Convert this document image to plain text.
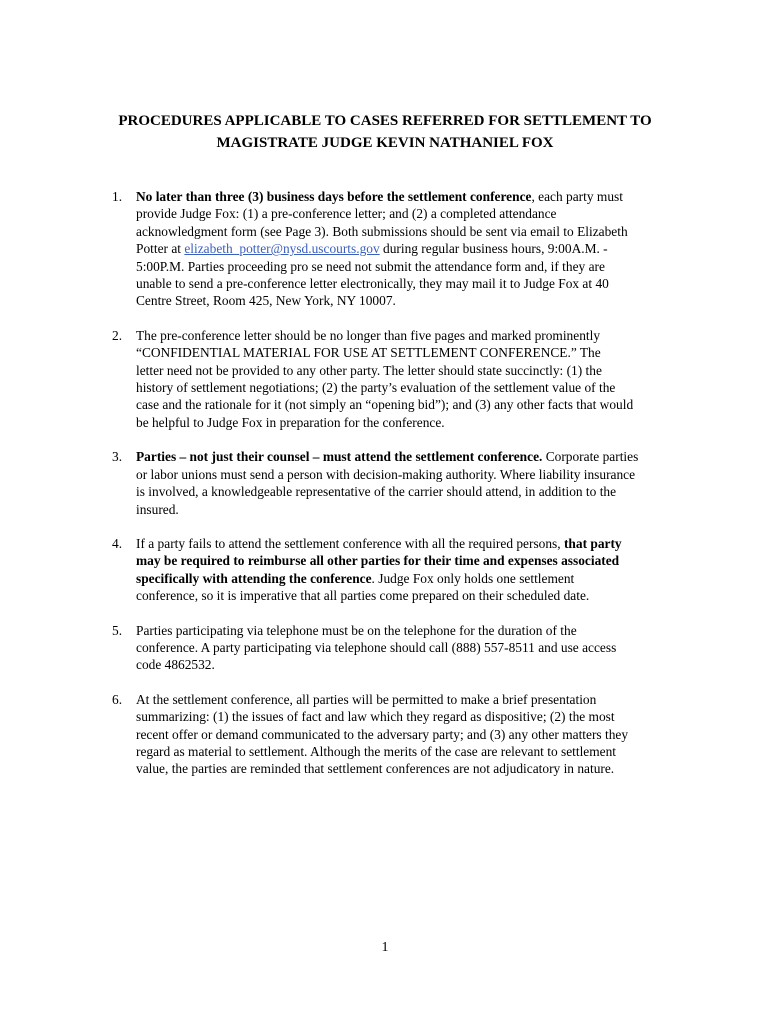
PROCEDURES APPLICABLE TO CASES REFERRED FOR SETTLEMENT TO
MAGISTRATE JUDGE KEVIN NATHANIEL FOX
1. No later than three (3) business days before the settlement conference, each party must
provide Judge Fox: (1) a pre-conference letter; and (2) a completed attendance
acknowledgment form (see Page 3). Both submissions should be sent via email to Elizabeth
Potter at elizabeth_potter@nysd.uscourts.gov during regular business hours, 9:00A.M. -
5:00P.M. Parties proceeding pro se need not submit the attendance form and, if they are
unable to send a pre-conference letter electronically, they may mail it to Judge Fox at 40
Centre Street, Room 425, New York, NY 10007.
2. The pre-conference letter should be no longer than five pages and marked prominently
“CONFIDENTIAL MATERIAL FOR USE AT SETTLEMENT CONFERENCE.” The
letter need not be provided to any other party. The letter should state succinctly: (1) the
history of settlement negotiations; (2) the party’s evaluation of the settlement value of the
case and the rationale for it (not simply an “opening bid”); and (3) any other facts that would
be helpful to Judge Fox in preparation for the conference.
3. Parties – not just their counsel – must attend the settlement conference. Corporate parties
or labor unions must send a person with decision-making authority. Where liability insurance
is involved, a knowledgeable representative of the carrier should attend, in addition to the
insured.
4. If a party fails to attend the settlement conference with all the required persons, that party
may be required to reimburse all other parties for their time and expenses associated
specifically with attending the conference. Judge Fox only holds one settlement
conference, so it is imperative that all parties come prepared on their scheduled date.
5. Parties participating via telephone must be on the telephone for the duration of the
conference. A party participating via telephone should call (888) 557-8511 and use access
code 4862532.
6. At the settlement conference, all parties will be permitted to make a brief presentation
summarizing: (1) the issues of fact and law which they regard as dispositive; (2) the most
recent offer or demand communicated to the adversary party; and (3) any other matters they
regard as material to settlement. Although the merits of the case are relevant to settlement
value, the parties are reminded that settlement conferences are not adjudicatory in nature.
1
